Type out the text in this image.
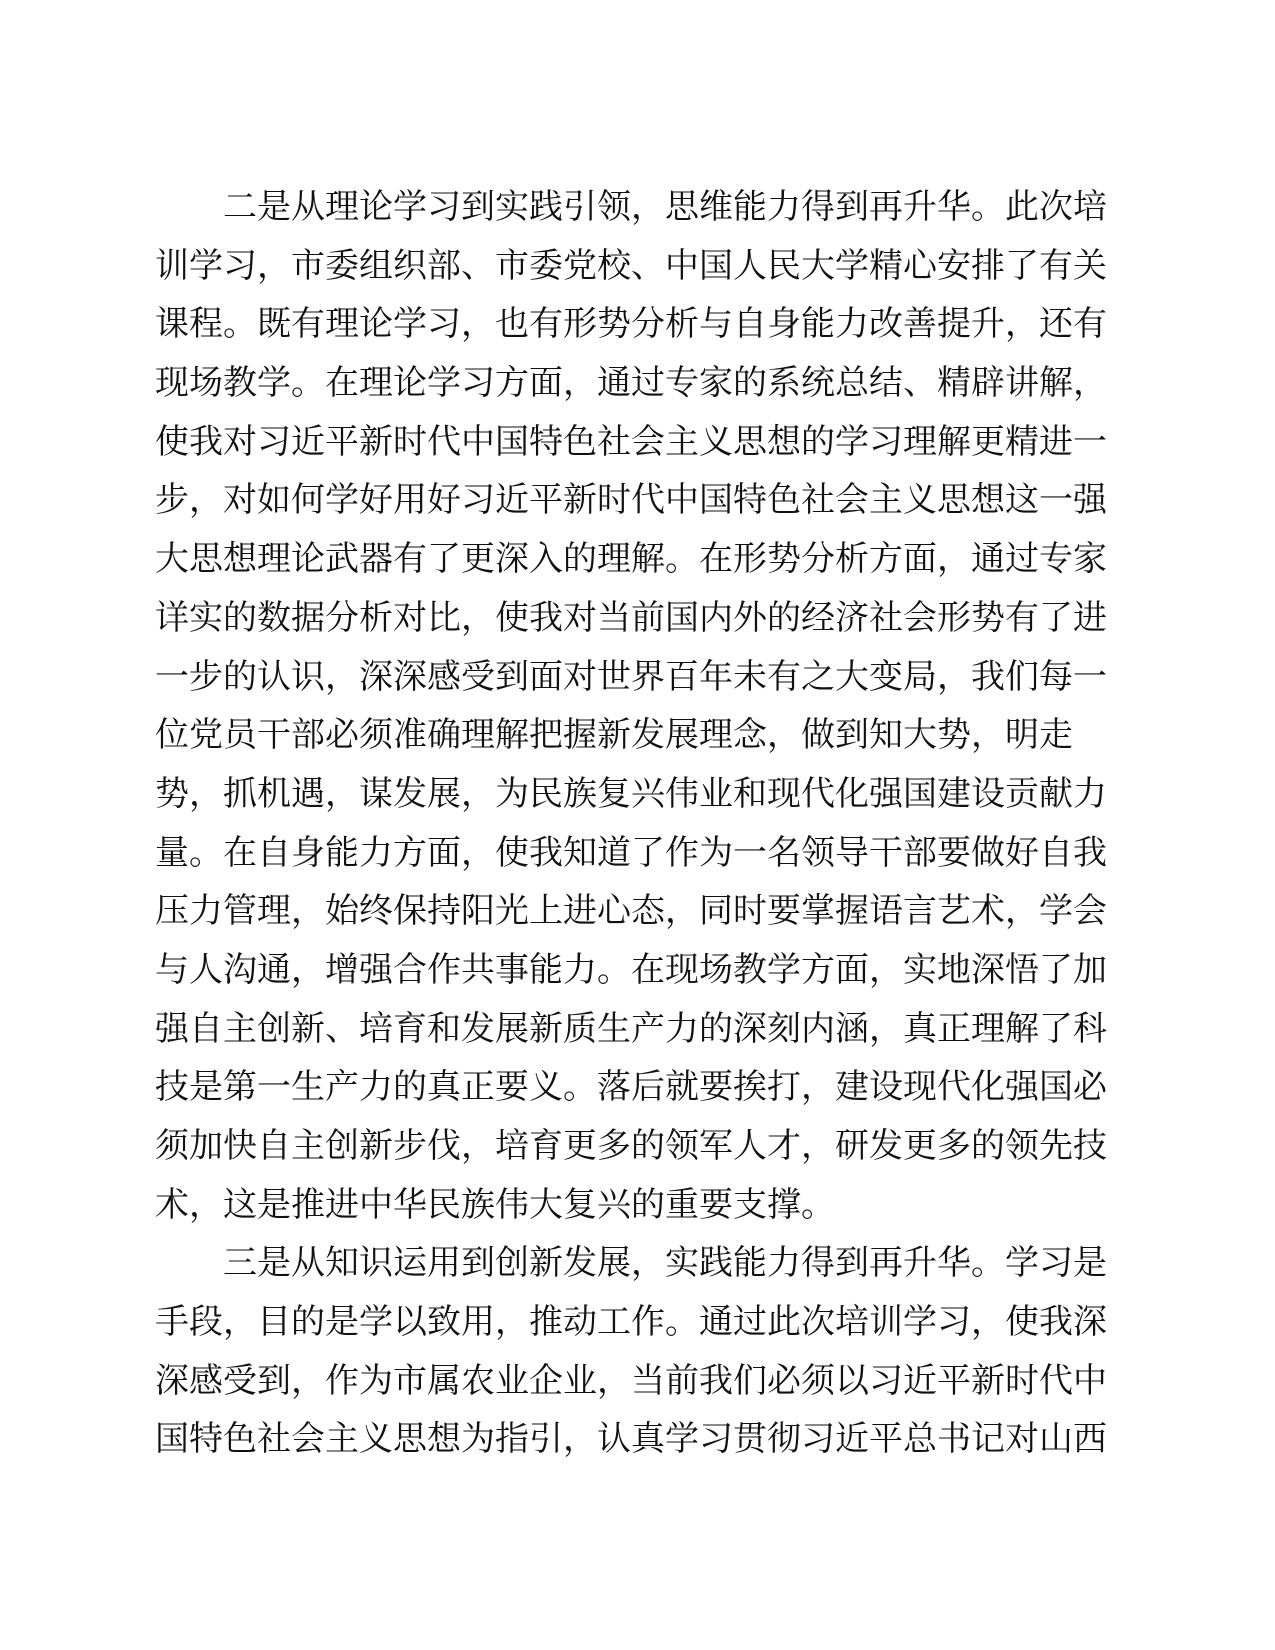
二是从理论学习到实践引领，思维能力得到再升华。此次培
训学习，市委组织部、市委党校、中国人民大学精心安排了有关
课程。既有理论学习，也有形势分析与自身能力改善提升，还有
现场教学。在理论学习方面，通过专家的系统总结、精辟讲解，
使我对习近平新时代中国特色社会主义思想的学习理解更精进一
步，对如何学好用好习近平新时代中国特色社会主义思想这一强
大思想理论武器有了更深入的理解。在形势分析方面，通过专家
详实的数据分析对比，使我对当前国内外的经济社会形势有了进
一步的认识，深深感受到面对世界百年未有之大变局，我们每一
位党员干部必须准确理解把握新发展理念，做到知大势，明走
势，抓机遇，谋发展，为民族复兴伟业和现代化强国建设贡献力
量。在自身能力方面，使我知道了作为一名领导干部要做好自我
压力管理，始终保持阳光上进心态，同时要掌握语言艺术，学会
与人沟通，增强合作共事能力。在现场教学方面，实地深悟了加
强自主创新、培育和发展新质生产力的深刻内涵，真正理解了科
技是第一生产力的真正要义。落后就要挨打，建设现代化强国必
须加快自主创新步伐，培育更多的领军人才，研发更多的领先技
术，这是推进中华民族伟大复兴的重要支撑。
三是从知识运用到创新发展，实践能力得到再升华。学习是
手段，目的是学以致用，推动工作。通过此次培训学习，使我深
深感受到，作为市属农业企业，当前我们必须以习近平新时代中
国特色社会主义思想为指引，认真学习贯彻习近平总书记对山西
